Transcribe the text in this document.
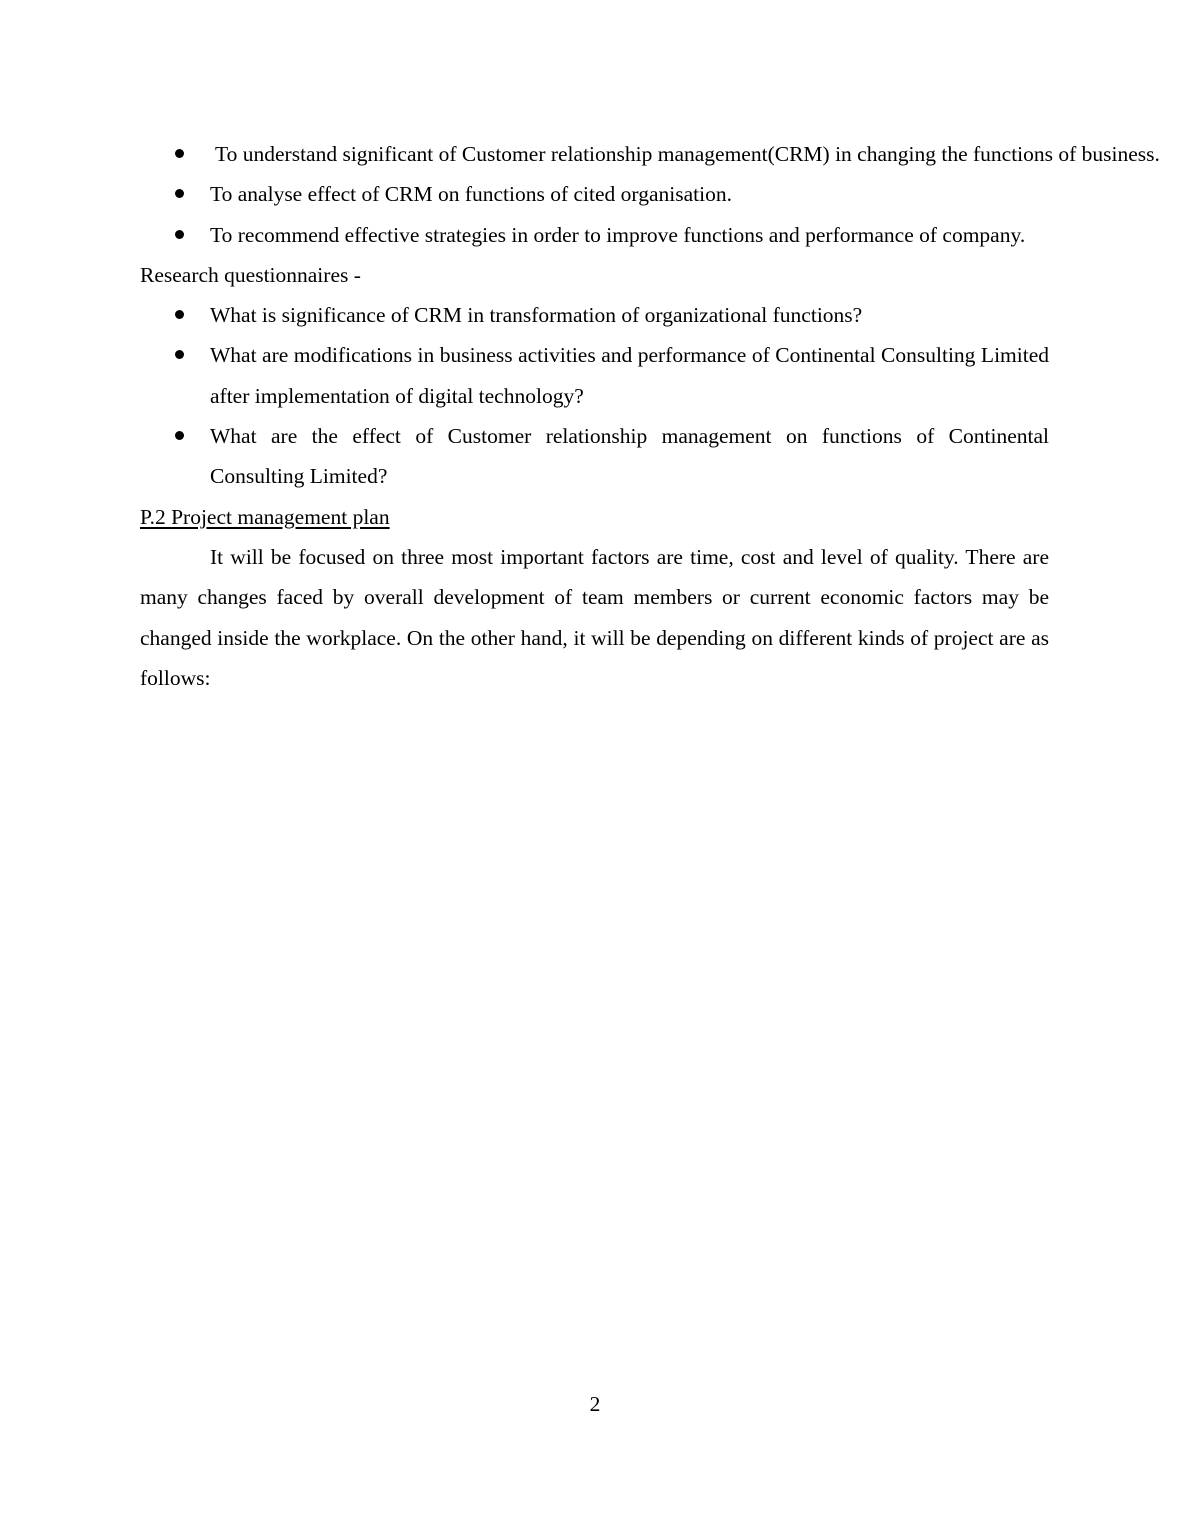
To understand significant of Customer relationship management(CRM) in changing the functions of business.
To analyse effect of CRM on functions of cited organisation.
To recommend effective strategies in order to improve functions and performance of company.

Research questionnaires -

What is significance of CRM in transformation of organizational functions?
What are modifications in business activities and performance of Continental Consulting Limited after implementation of digital technology?
What are the effect of Customer relationship management on functions of Continental Consulting Limited?

P.2 Project management plan

It will be focused on three most important factors are time, cost and level of quality. There are many changes faced by overall development of team members or current economic factors may be changed inside the workplace. On the other hand, it will be depending on different kinds of project are as follows:

2
